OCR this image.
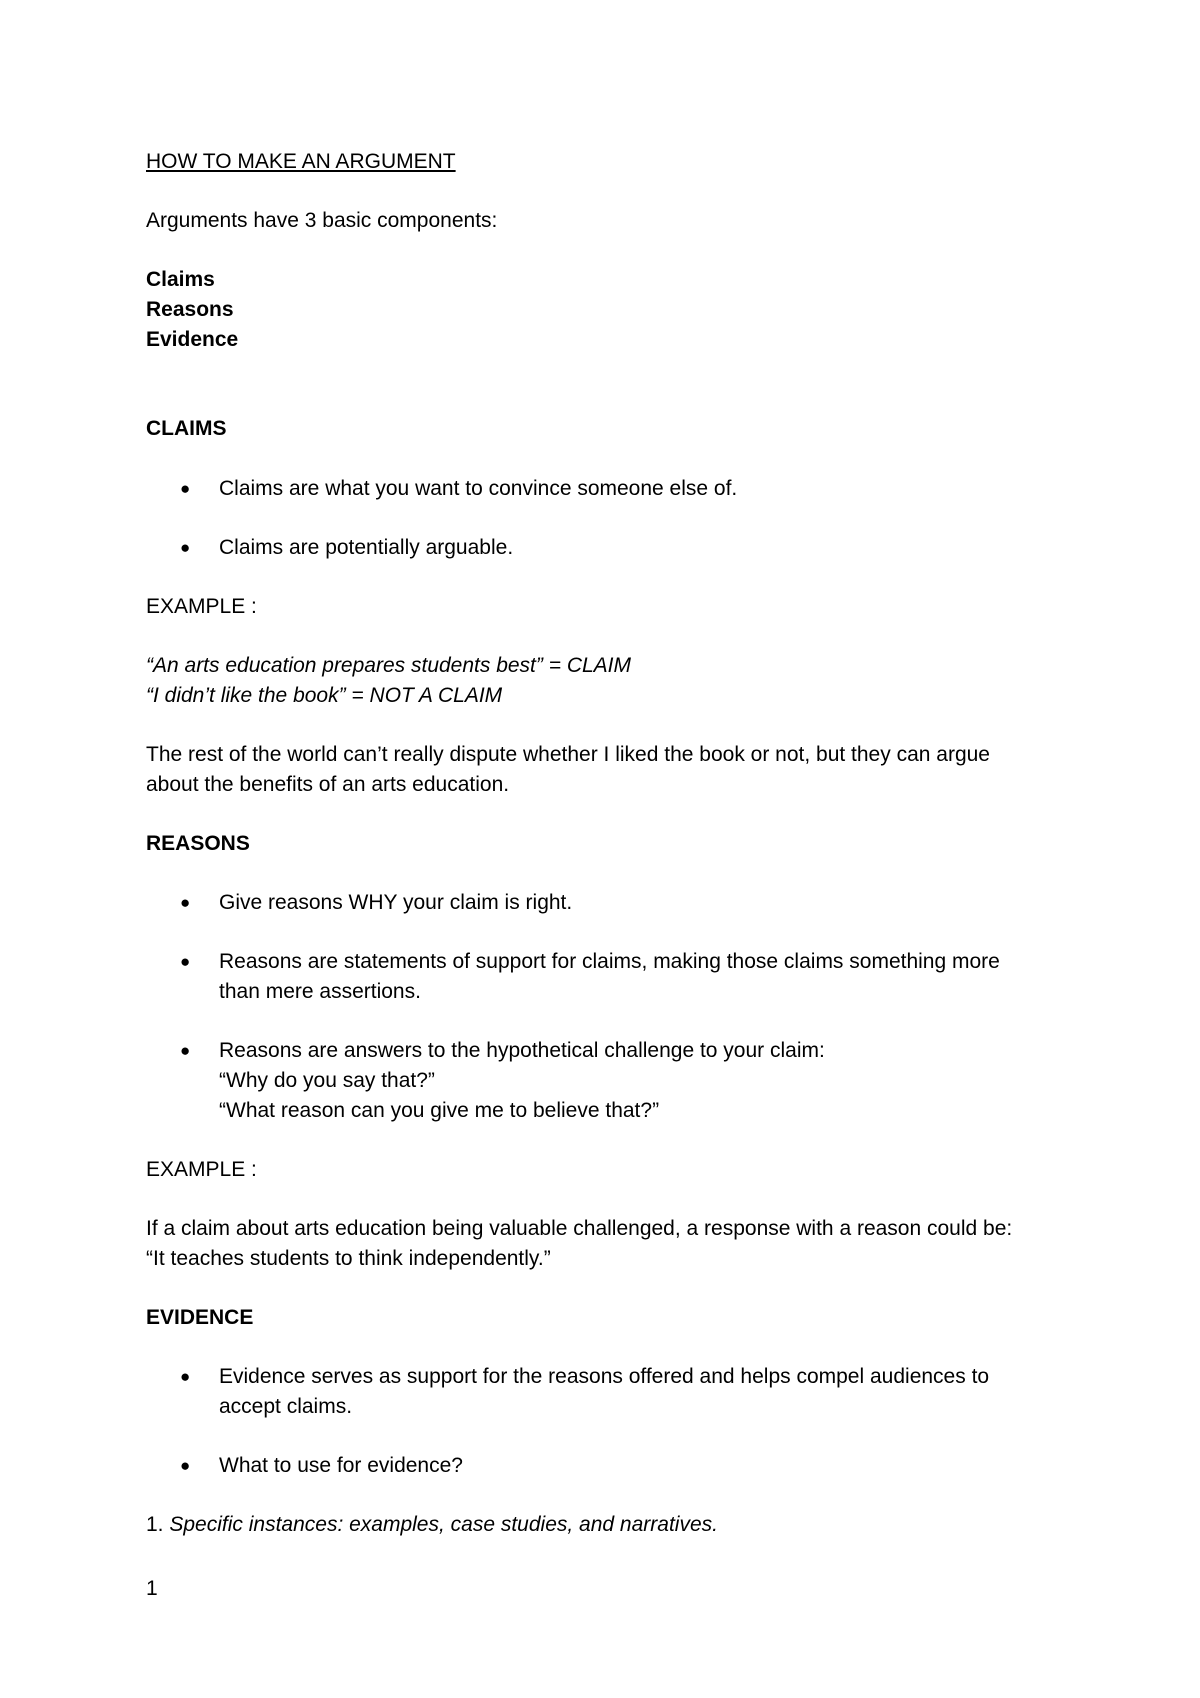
HOW TO MAKE AN ARGUMENT

Arguments have 3 basic components:

Claims

Reasons

Evidence

CLAIMS

● Claims are what you want to convince someone else of.

● Claims are potentially arguable.

EXAMPLE :

“An arts education prepares students best” = CLAIM

“I didn’t like the book” = NOT A CLAIM

The rest of the world can’t really dispute whether I liked the book or not, but they can argue

about the benefits of an arts education.

REASONS

● Give reasons WHY your claim is right.

● Reasons are statements of support for claims, making those claims something more

than mere assertions.

● Reasons are answers to the hypothetical challenge to your claim:

“Why do you say that?”

“What reason can you give me to believe that?”

EXAMPLE :

If a claim about arts education being valuable challenged, a response with a reason could be:

“It teaches students to think independently.”

EVIDENCE

● Evidence serves as support for the reasons offered and helps compel audiences to

accept claims.

● What to use for evidence?

1. Specific instances: examples, case studies, and narratives.

1
